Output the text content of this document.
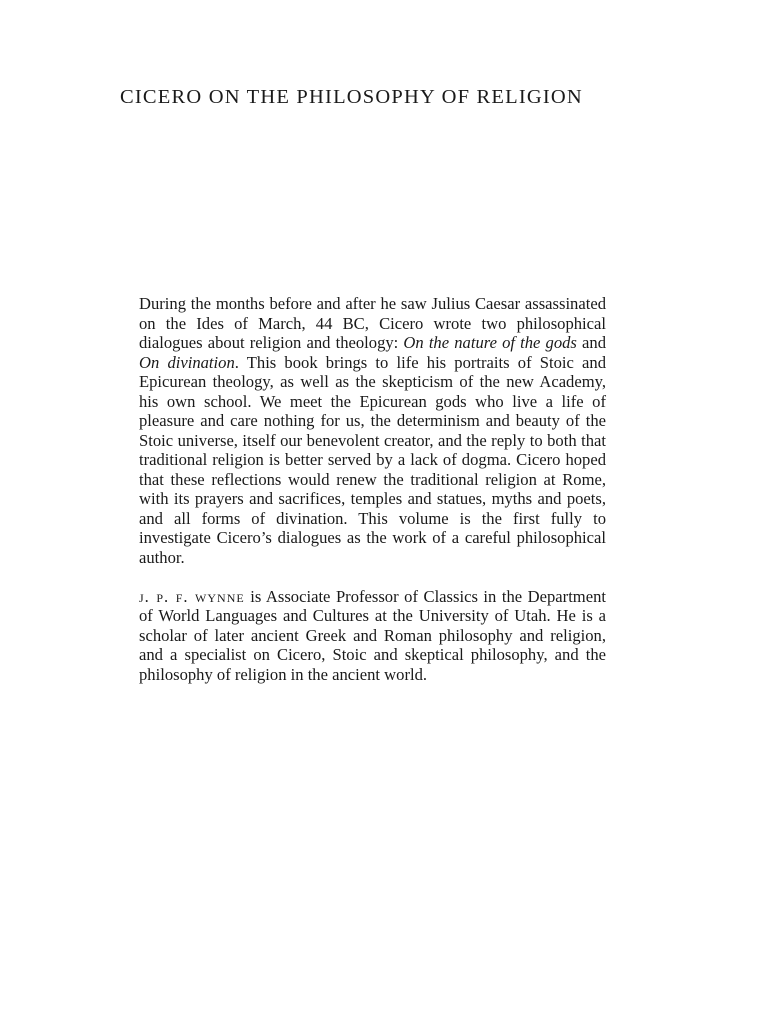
CICERO ON THE PHILOSOPHY OF RELIGION

During the months before and after he saw Julius Caesar assassinated on the Ides of March, 44 BC, Cicero wrote two philosophical dialogues about religion and theology: On the nature of the gods and On divination. This book brings to life his portraits of Stoic and Epicurean theology, as well as the skepticism of the new Academy, his own school. We meet the Epicurean gods who live a life of pleasure and care nothing for us, the determinism and beauty of the Stoic universe, itself our benevolent creator, and the reply to both that traditional religion is better served by a lack of dogma. Cicero hoped that these reflections would renew the traditional religion at Rome, with its prayers and sacrifices, temples and statues, myths and poets, and all forms of divination. This volume is the first fully to investigate Cicero’s dialogues as the work of a careful philosophical author.

j. p. f. wynne is Associate Professor of Classics in the Department of World Languages and Cultures at the University of Utah. He is a scholar of later ancient Greek and Roman philosophy and religion, and a specialist on Cicero, Stoic and skeptical philosophy, and the philosophy of religion in the ancient world.
